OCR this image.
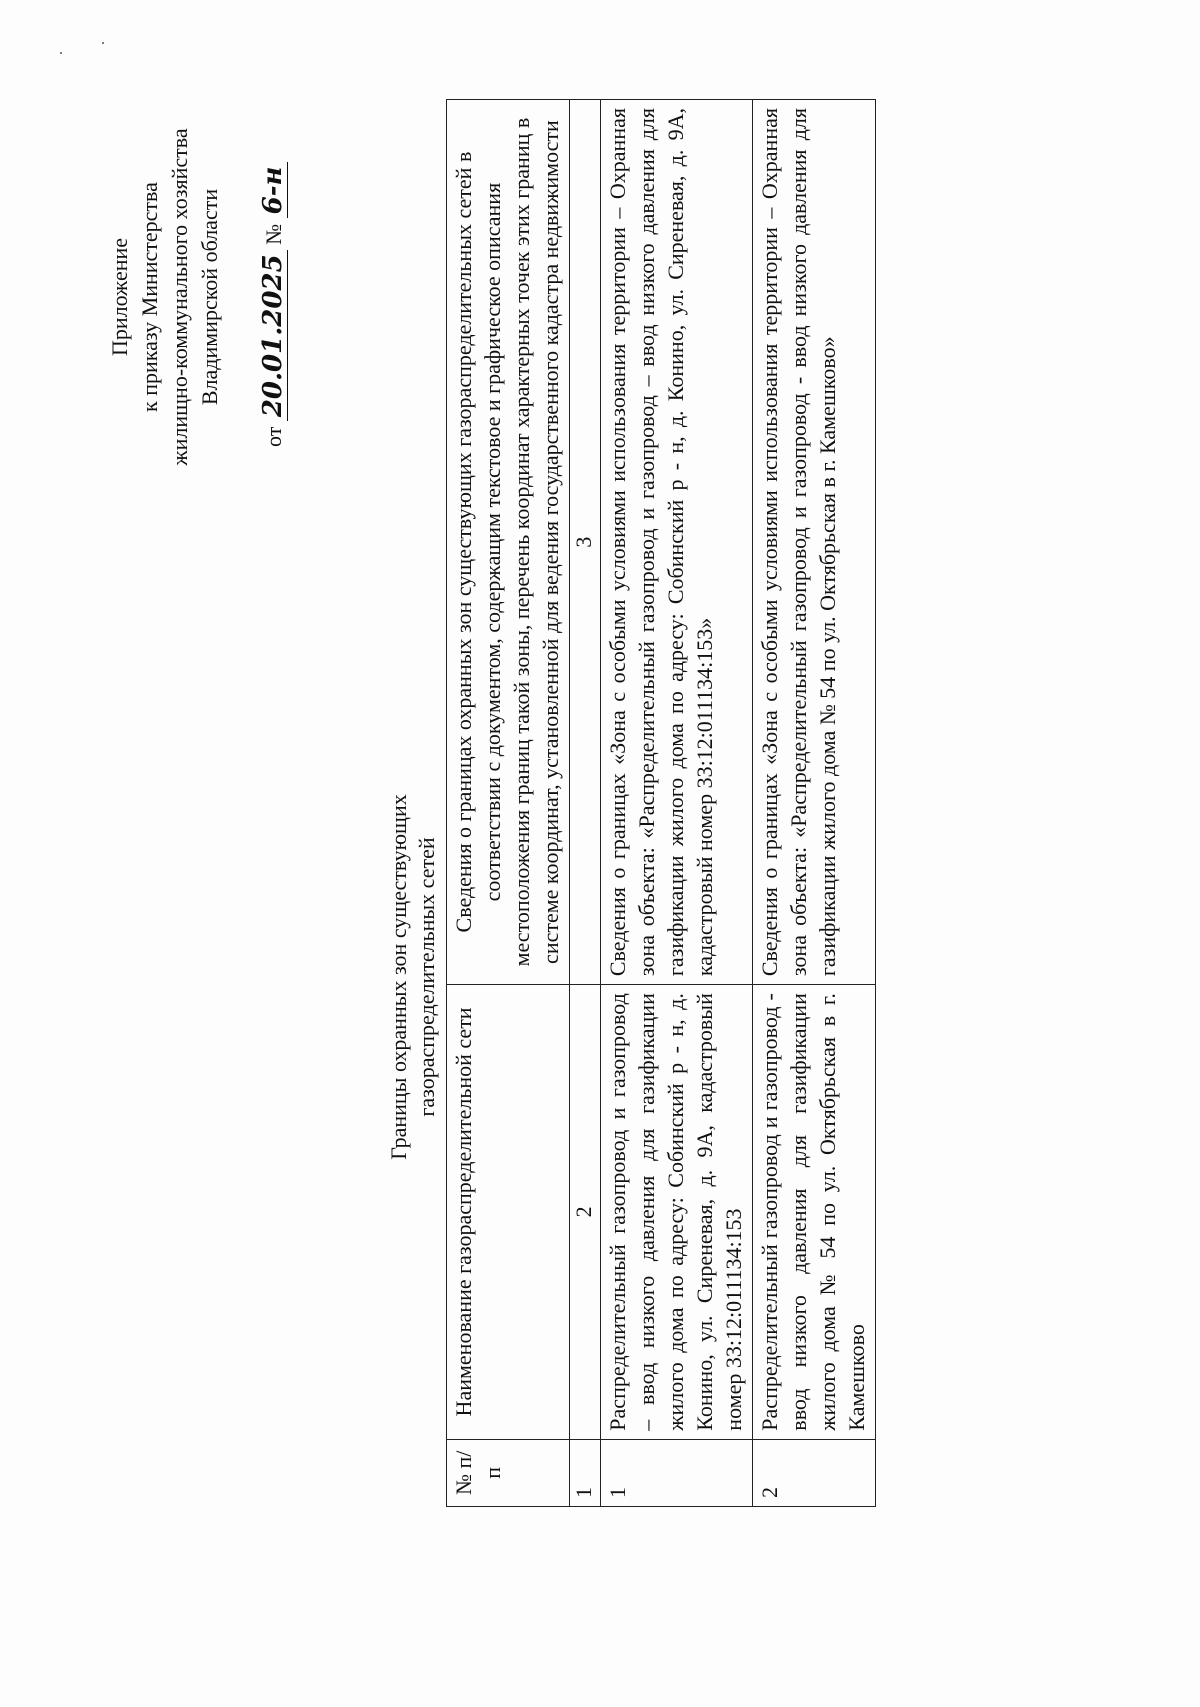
Приложение к приказу Министерства жилищно-коммунального хозяйства Владимирской области
от 20.01.2025 № 6-н
Границы охранных зон существующих газораспределительных сетей
№ п/п	Наименование газораспределительной сети	Сведения о границах охранных зон существующих газораспределительных сетей в соответствии с документом, содержащим текстовое и графическое описания местоположения границ такой зоны, перечень координат характерных точек этих границ в системе координат, установленной для ведения государственного кадастра недвижимости
1	2	3
1	Распределительный газопровод и газопровод – ввод низкого давления для газификации жилого дома по адресу: Собинский р - н, д. Конино, ул. Сиреневая, д. 9А, кадастровый номер 33:12:011134:153	Сведения о границах «Зона с особыми условиями использования территории – Охранная зона объекта: «Распределительный газопровод и газопровод – ввод низкого давления для газификации жилого дома по адресу: Собинский р - н, д. Конино, ул. Сиреневая, д. 9А, кадастровый номер 33:12:011134:153»
2	Распределительный газопровод и газопровод - ввод низкого давления для газификации жилого дома № 54 по ул. Октябрьская в г. Камешково	Сведения о границах «Зона с особыми условиями использования территории – Охранная зона объекта: «Распределительный газопровод и газопровод - ввод низкого давления для газификации жилого дома № 54 по ул. Октябрьская в г. Камешково»
